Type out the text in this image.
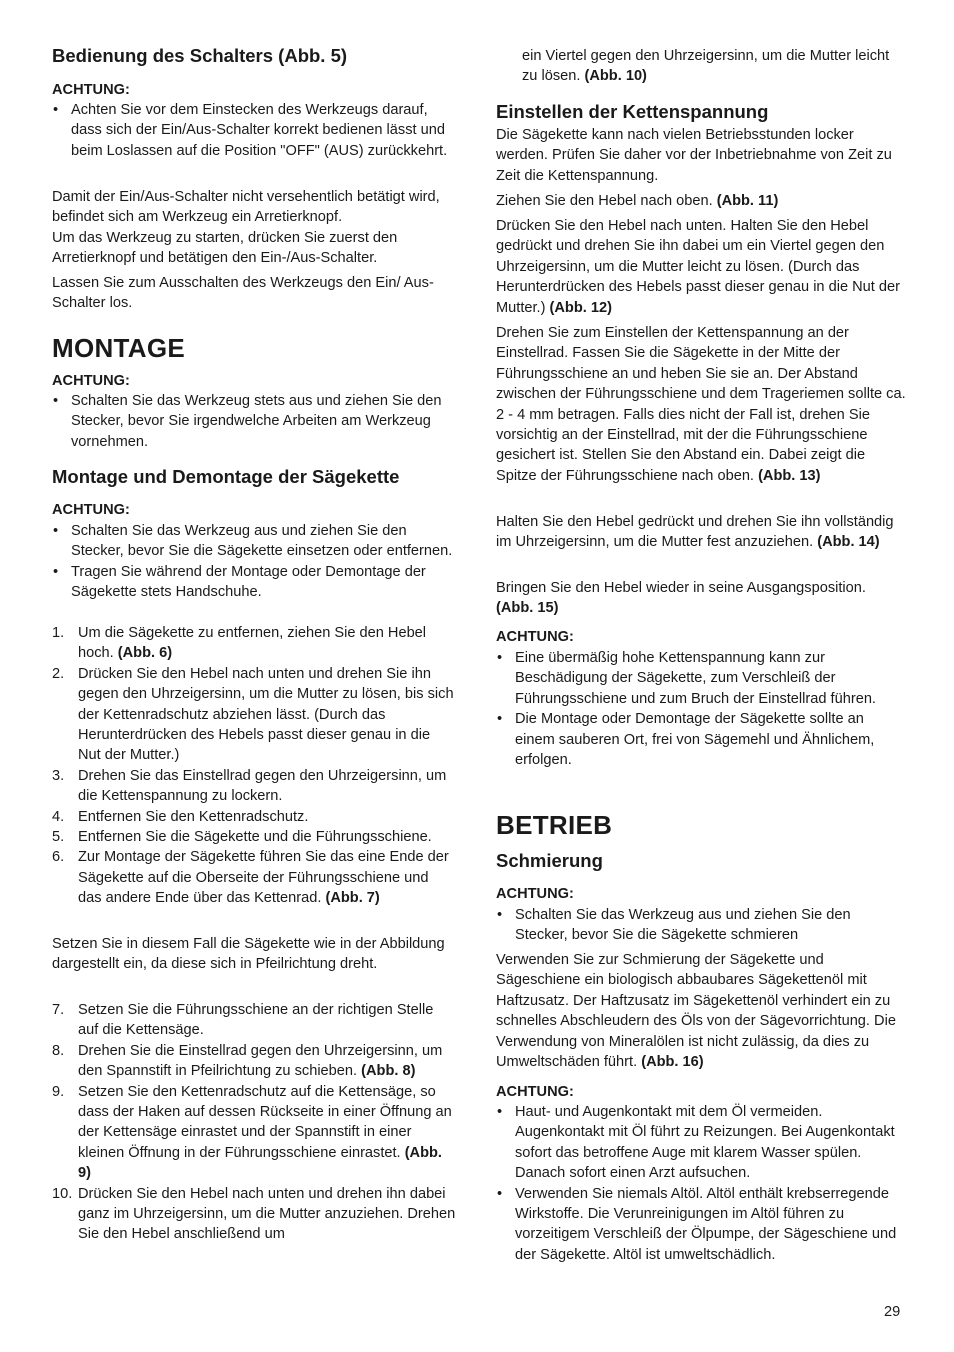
Bedienung des Schalters (Abb. 5)
ACHTUNG:
• Achten Sie vor dem Einstecken des Werkzeugs darauf, dass sich der Ein/Aus-Schalter korrekt bedienen lässt und beim Loslassen auf die Position "OFF" (AUS) zurückkehrt.

Damit der Ein/Aus-Schalter nicht versehentlich betätigt wird, befindet sich am Werkzeug ein Arretierknopf.

Um das Werkzeug zu starten, drücken Sie zuerst den Arretierknopf und betätigen den Ein-/Aus-Schalter.

Lassen Sie zum Ausschalten des Werkzeugs den Ein/ Aus-Schalter los.

MONTAGE
ACHTUNG:
• Schalten Sie das Werkzeug stets aus und ziehen Sie den Stecker, bevor Sie irgendwelche Arbeiten am Werkzeug vornehmen.
Montage und Demontage der Sägekette
ACHTUNG:
• Schalten Sie das Werkzeug aus und ziehen Sie den Stecker, bevor Sie die Sägekette einsetzen oder entfernen.
• Tragen Sie während der Montage oder Demontage der Sägekette stets Handschuhe.
1. Um die Sägekette zu entfernen, ziehen Sie den Hebel hoch. (Abb. 6)
2. Drücken Sie den Hebel nach unten und drehen Sie ihn gegen den Uhrzeigersinn, um die Mutter zu lösen, bis sich der Kettenradschutz abziehen lässt. (Durch das Herunterdrücken des Hebels passt dieser genau in die Nut der Mutter.)
3. Drehen Sie das Einstellrad gegen den Uhrzeigersinn, um die Kettenspannung zu lockern.
4. Entfernen Sie den Kettenradschutz.
5. Entfernen Sie die Sägekette und die Führungsschiene.
6. Zur Montage der Sägekette führen Sie das eine Ende der Sägekette auf die Oberseite der Führungsschiene und das andere Ende über das Kettenrad. (Abb. 7)

Setzen Sie in diesem Fall die Sägekette wie in der Abbildung dargestellt ein, da diese sich in Pfeilrichtung dreht.

7. Setzen Sie die Führungsschiene an der richtigen Stelle auf die Kettensäge.
8. Drehen Sie die Einstellrad gegen den Uhrzeigersinn, um den Spannstift in Pfeilrichtung zu schieben. (Abb. 8)
9. Setzen Sie den Kettenradschutz auf die Kettensäge, so dass der Haken auf dessen Rückseite in einer Öffnung an der Kettensäge einrastet und der Spannstift in einer kleinen Öffnung in der Führungsschiene einrastet. (Abb. 9)
10. Drücken Sie den Hebel nach unten und drehen ihn dabei ganz im Uhrzeigersinn, um die Mutter anzuziehen. Drehen Sie den Hebel anschließend um

ein Viertel gegen den Uhrzeigersinn, um die Mutter leicht zu lösen. (Abb. 10)

Einstellen der Kettenspannung

Die Sägekette kann nach vielen Betriebsstunden locker werden. Prüfen Sie daher vor der Inbetriebnahme von Zeit zu Zeit die Kettenspannung.

Ziehen Sie den Hebel nach oben. (Abb. 11)

Drücken Sie den Hebel nach unten. Halten Sie den Hebel gedrückt und drehen Sie ihn dabei um ein Viertel gegen den Uhrzeigersinn, um die Mutter leicht zu lösen. (Durch das Herunterdrücken des Hebels passt dieser genau in die Nut der Mutter.) (Abb. 12)

Drehen Sie zum Einstellen der Kettenspannung an der Einstellrad. Fassen Sie die Sägekette in der Mitte der Führungsschiene an und heben Sie sie an. Der Abstand zwischen der Führungsschiene und dem Trageriemen sollte ca. 2 - 4 mm betragen. Falls dies nicht der Fall ist, drehen Sie vorsichtig an der Einstellrad, mit der die Führungsschiene gesichert ist. Stellen Sie den Abstand ein. Dabei zeigt die Spitze der Führungsschiene nach oben. (Abb. 13)

Halten Sie den Hebel gedrückt und drehen Sie ihn vollständig im Uhrzeigersinn, um die Mutter fest anzuziehen. (Abb. 14)

Bringen Sie den Hebel wieder in seine Ausgangsposition. (Abb. 15)

ACHTUNG:
• Eine übermäßig hohe Kettenspannung kann zur Beschädigung der Sägekette, zum Verschleiß der Führungsschiene und zum Bruch der Einstellrad führen.
• Die Montage oder Demontage der Sägekette sollte an einem sauberen Ort, frei von Sägemehl und Ähnlichem, erfolgen.
BETRIEB
Schmierung
ACHTUNG:
• Schalten Sie das Werkzeug aus und ziehen Sie den Stecker, bevor Sie die Sägekette schmieren

Verwenden Sie zur Schmierung der Sägekette und Sägeschiene ein biologisch abbaubares Sägekettenöl mit Haftzusatz. Der Haftzusatz im Sägekettenöl verhindert ein zu schnelles Abschleudern des Öls von der Sägevorrichtung. Die Verwendung von Mineralölen ist nicht zulässig, da dies zu Umweltschäden führt. (Abb. 16)

ACHTUNG:
• Haut- und Augenkontakt mit dem Öl vermeiden. Augenkontakt mit Öl führt zu Reizungen. Bei Augenkontakt sofort das betroffene Auge mit klarem Wasser spülen. Danach sofort einen Arzt aufsuchen.
• Verwenden Sie niemals Altöl. Altöl enthält krebserregende Wirkstoffe. Die Verunreinigungen im Altöl führen zu vorzeitigem Verschleiß der Ölpumpe, der Sägeschiene und der Sägekette. Altöl ist umweltschädlich.
29
